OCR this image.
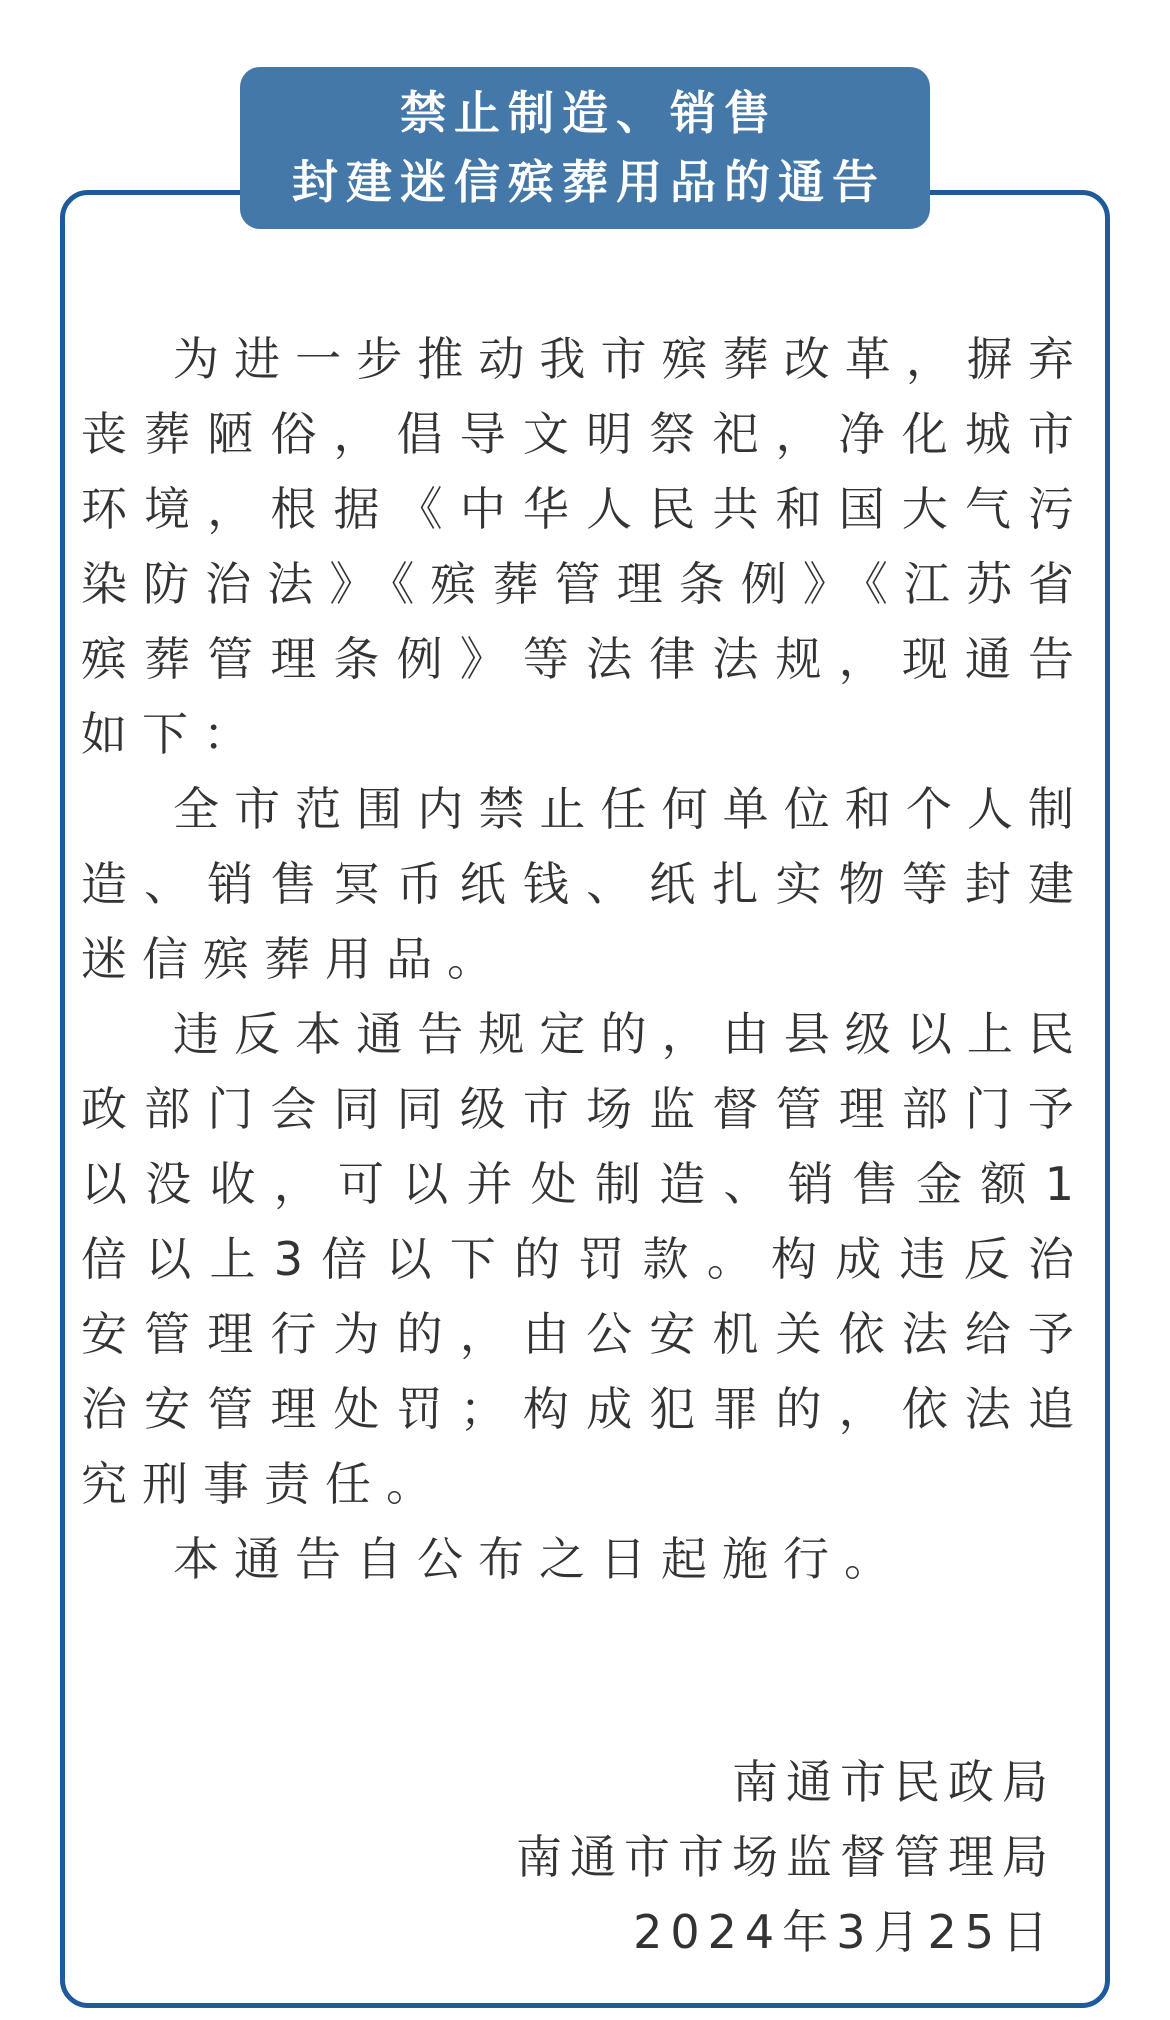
禁止制造、销售
封建迷信殡葬用品的通告

为进一步推动我市殡葬改革，摒弃丧葬陋俗，倡导文明祭祀，净化城市环境，根据《中华人民共和国大气污染防治法》《殡葬管理条例》《江苏省殡葬管理条例》等法律法规，现通告如下：

全市范围内禁止任何单位和个人制造、销售冥币纸钱、纸扎实物等封建迷信殡葬用品。

违反本通告规定的，由县级以上民政部门会同同级市场监督管理部门予以没收，可以并处制造、销售金额1倍以上3倍以下的罚款。构成违反治安管理行为的，由公安机关依法给予治安管理处罚；构成犯罪的，依法追究刑事责任。

本通告自公布之日起施行。

南通市民政局
南通市市场监督管理局
2024年3月25日
